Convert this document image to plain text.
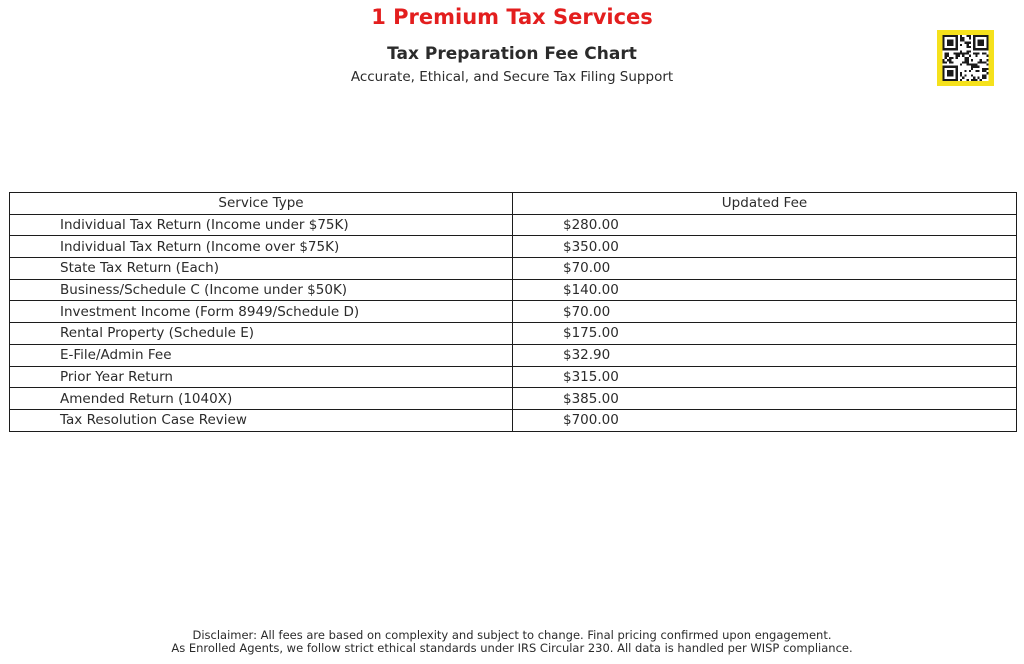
1 Premium Tax Services
Tax Preparation Fee Chart
Accurate, Ethical, and Secure Tax Filing Support
Service Type	Updated Fee
Individual Tax Return (Income under $75K)	$280.00
Individual Tax Return (Income over $75K)	$350.00
State Tax Return (Each)	$70.00
Business/Schedule C (Income under $50K)	$140.00
Investment Income (Form 8949/Schedule D)	$70.00
Rental Property (Schedule E)	$175.00
E-File/Admin Fee	$32.90
Prior Year Return	$315.00
Amended Return (1040X)	$385.00
Tax Resolution Case Review	$700.00
Disclaimer: All fees are based on complexity and subject to change. Final pricing confirmed upon engagement.
As Enrolled Agents, we follow strict ethical standards under IRS Circular 230. All data is handled per WISP compliance.
